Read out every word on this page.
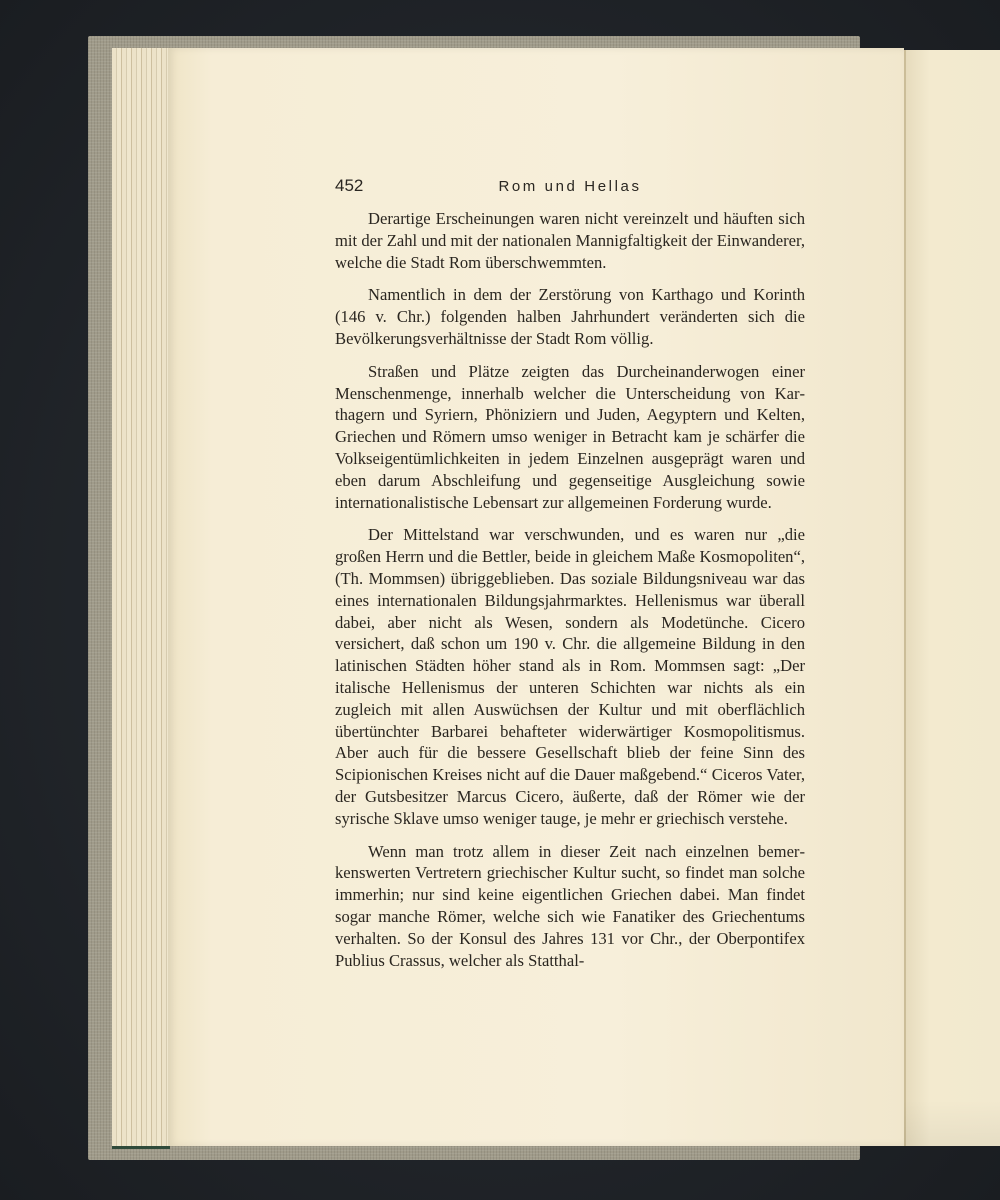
452	Rom und Hellas

Derartige Erscheinungen waren nicht vereinzelt und häuften sich mit der Zahl und mit der nationalen Mannigfaltigkeit der Einwanderer, welche die Stadt Rom überschwemmten.

Namentlich in dem der Zerstörung von Karthago und Korinth (146 v. Chr.) folgenden halben Jahrhundert veränderten sich die Bevölkerungsverhältnisse der Stadt Rom völlig.

Straßen und Plätze zeigten das Durcheinanderwogen einer Menschenmenge, innerhalb welcher die Unterscheidung von Karthagern und Syriern, Phöniziern und Juden, Aegyptern und Kelten, Griechen und Römern umso weniger in Betracht kam je schärfer die Volkseigentümlichkeiten in jedem Einzelnen ausgeprägt waren und eben darum Abschleifung und gegenseitige Ausgleichung sowie internationalistische Lebensart zur allgemeinen Forderung wurde.

Der Mittelstand war verschwunden, und es waren nur „die großen Herrn und die Bettler, beide in gleichem Maße Kosmopoliten“, (Th. Mommsen) übriggeblieben. Das soziale Bildungsniveau war das eines internationalen Bildungsjahrmarktes. Hellenismus war überall dabei, aber nicht als Wesen, sondern als Modetünche. Cicero versichert, daß schon um 190 v. Chr. die allgemeine Bildung in den latinischen Städten höher stand als in Rom. Mommsen sagt: „Der italische Hellenismus der unteren Schichten war nichts als ein zugleich mit allen Auswüchsen der Kultur und mit oberflächlich übertünchter Barbarei behafteter widerwärtiger Kosmopolitismus. Aber auch für die bessere Gesellschaft blieb der feine Sinn des Scipionischen Kreises nicht auf die Dauer maßgebend.“ Ciceros Vater, der Gutsbesitzer Marcus Cicero, äußerte, daß der Römer wie der syrische Sklave umso weniger tauge, je mehr er griechisch verstehe.

Wenn man trotz allem in dieser Zeit nach einzelnen bemerkenswerten Vertretern griechischer Kultur sucht, so findet man solche immerhin; nur sind keine eigentlichen Griechen dabei. Man findet sogar manche Römer, welche sich wie Fanatiker des Griechentums verhalten. So der Konsul des Jahres 131 vor Chr., der Oberpontifex Publius Crassus, welcher als Statthal-
